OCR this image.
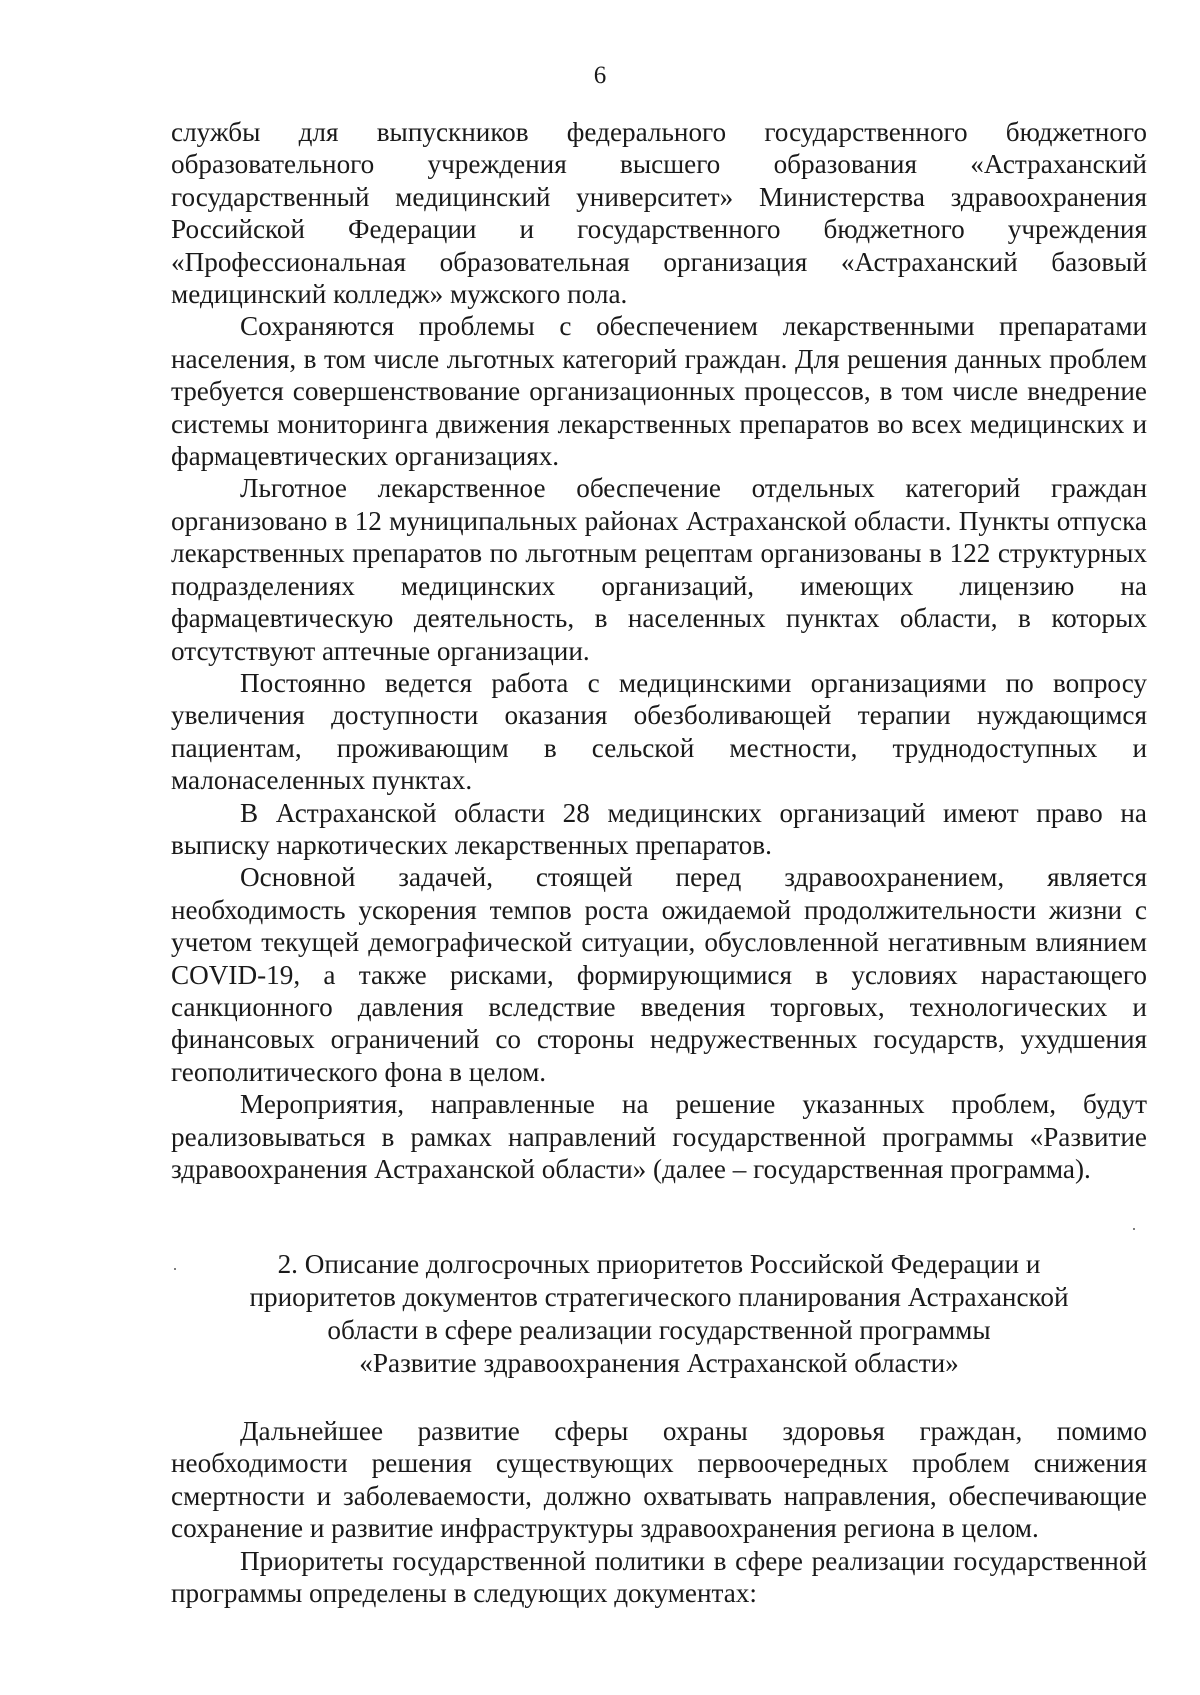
6

службы для выпускников федерального государственного бюджетного образовательного учреждения высшего образования «Астраханский государственный медицинский университет» Министерства здравоохранения Российской Федерации и государственного бюджетного учреждения «Профессиональная образовательная организация «Астраханский базовый медицинский колледж» мужского пола.

Сохраняются проблемы с обеспечением лекарственными препаратами населения, в том числе льготных категорий граждан. Для решения данных проблем требуется совершенствование организационных процессов, в том числе внедрение системы мониторинга движения лекарственных препаратов во всех медицинских и фармацевтических организациях.

Льготное лекарственное обеспечение отдельных категорий граждан организовано в 12 муниципальных районах Астраханской области. Пункты отпуска лекарственных препаратов по льготным рецептам организованы в 122 структурных подразделениях медицинских организаций, имеющих лицензию на фармацевтическую деятельность, в населенных пунктах области, в которых отсутствуют аптечные организации.

Постоянно ведется работа с медицинскими организациями по вопросу увеличения доступности оказания обезболивающей терапии нуждающимся пациентам, проживающим в сельской местности, труднодоступных и малонаселенных пунктах.

В Астраханской области 28 медицинских организаций имеют право на выписку наркотических лекарственных препаратов.

Основной задачей, стоящей перед здравоохранением, является необходимость ускорения темпов роста ожидаемой продолжительности жизни с учетом текущей демографической ситуации, обусловленной негативным влиянием COVID-19, а также рисками, формирующимися в условиях нарастающего санкционного давления вследствие введения торговых, технологических и финансовых ограничений со стороны недружественных государств, ухудшения геополитического фона в целом.

Мероприятия, направленные на решение указанных проблем, будут реализовываться в рамках направлений государственной программы «Развитие здравоохранения Астраханской области» (далее – государственная программа).

2. Описание долгосрочных приоритетов Российской Федерации и
приоритетов документов стратегического планирования Астраханской
области в сфере реализации государственной программы
«Развитие здравоохранения Астраханской области»

Дальнейшее развитие сферы охраны здоровья граждан, помимо необходимости решения существующих первоочередных проблем снижения смертности и заболеваемости, должно охватывать направления, обеспечивающие сохранение и развитие инфраструктуры здравоохранения региона в целом.

Приоритеты государственной политики в сфере реализации государственной программы определены в следующих документах:
